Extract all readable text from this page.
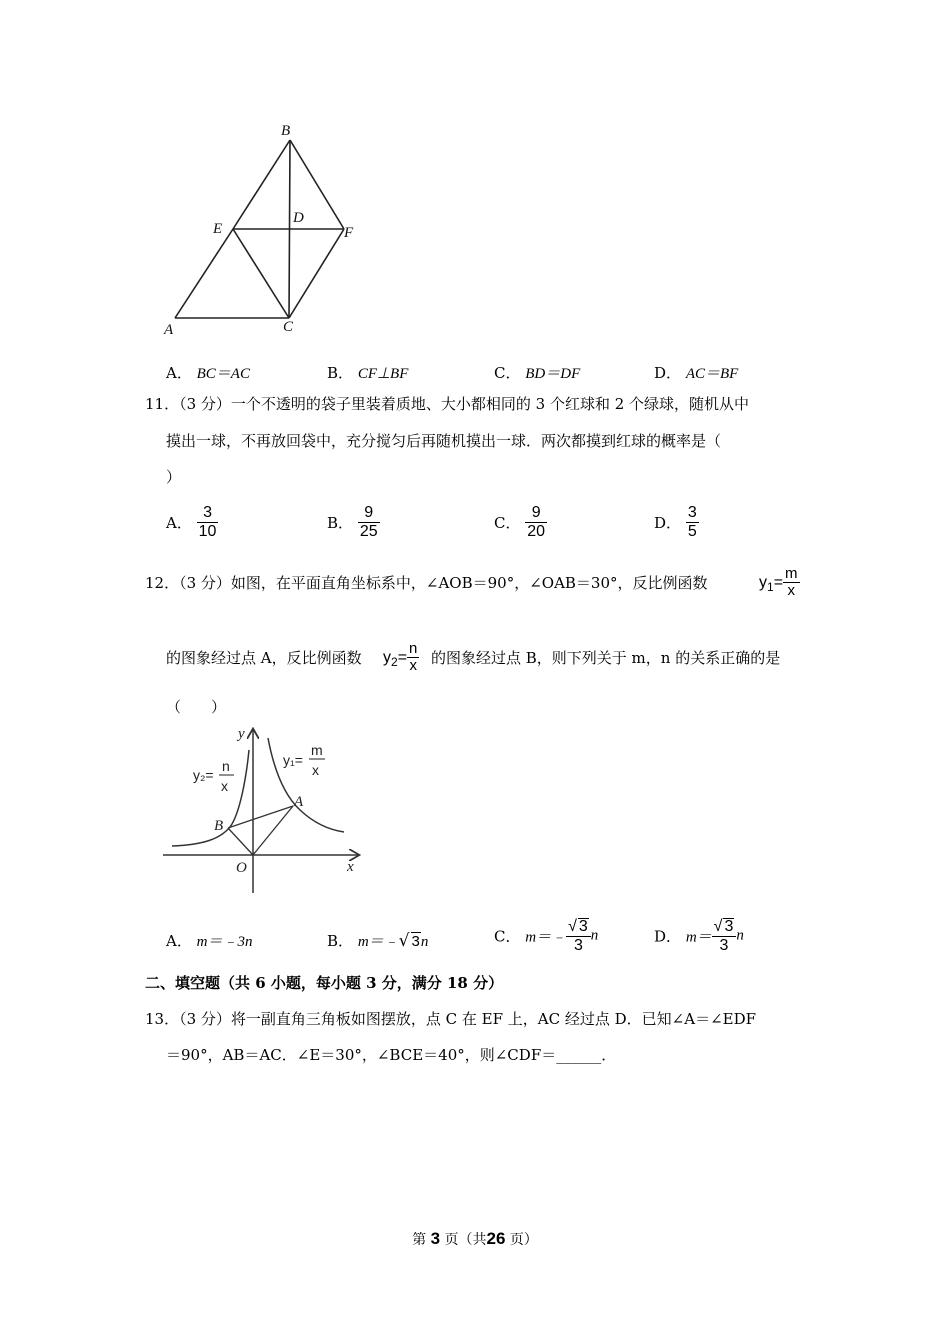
B
E
D
F
A	C
A． BC＝AC	B． CF⊥BF	C． BD＝DF	D． AC＝BF
11．（3 分）一个不透明的袋子里装着质地、大小都相同的 3 个红球和 2 个绿球，随机从中
摸出一球，不再放回袋中，充分搅匀后再随机摸出一球．两次都摸到红球的概率是（
）
A． $\frac{3}{10}$	B． $\frac{9}{25}$	C． $\frac{9}{20}$	D． $\frac{3}{5}$
12．（3 分）如图，在平面直角坐标系中，∠AOB＝90°，∠OAB＝30°，反比例函数	$y_1= \frac{m}{x}$
的图象经过点 A，反比例函数 $y_2= \frac{n}{x}$ 的图象经过点 B，则下列关于 m，n 的关系正确的是
（　　）
y
x
O
A
B
y₂=
n
x
y₁=
m
x
A． m＝﹣3n	B． m＝﹣√ 3n	C． m＝﹣ $\frac{√ 3}{3}$ n	D． $m= \frac{√ 3}{3}$ n
二、填空题（共 6 小题，每小题 3 分，满分 18 分）
13．（3 分）将一副直角三角板如图摆放，点 C 在 EF 上，AC 经过点 D．已知∠A＝∠EDF
＝90°，AB＝AC．∠E＝30°，∠BCE＝40°，则∠CDF＝______．
第 3 页（共26 页）
